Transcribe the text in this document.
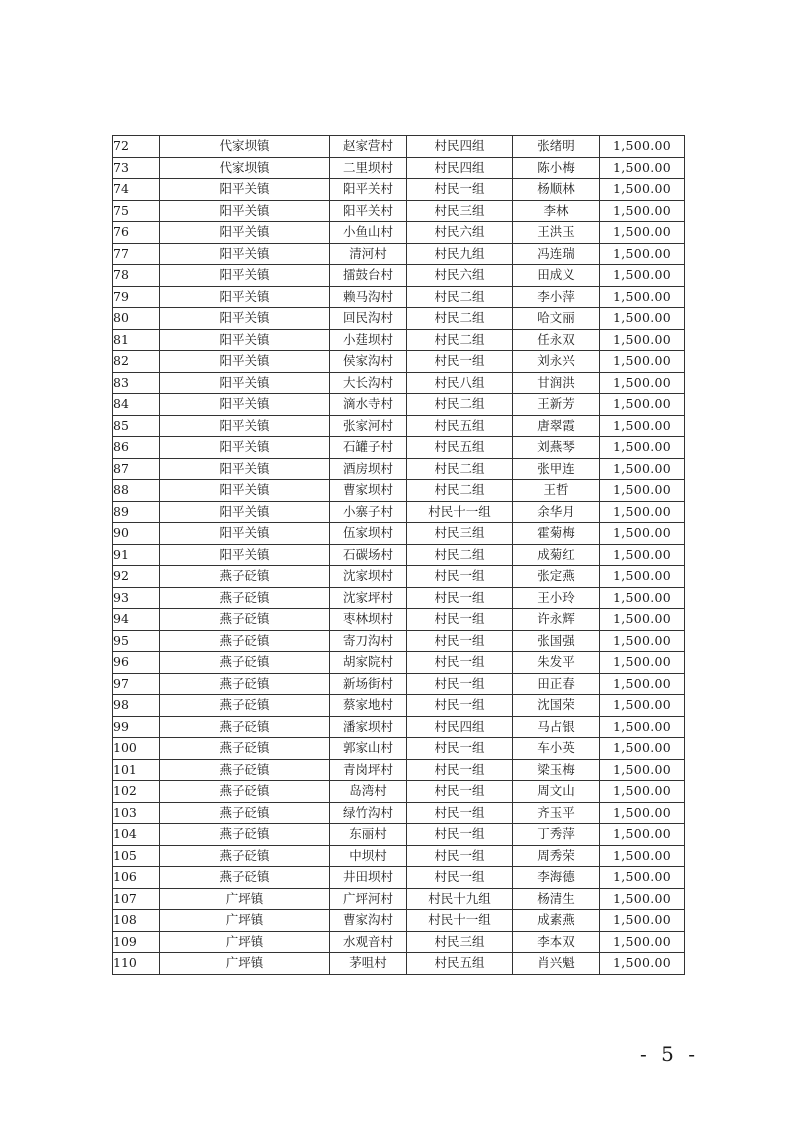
72	代家坝镇	赵家营村	村民四组	张绪明	1,500.00
73	代家坝镇	二里坝村	村民四组	陈小梅	1,500.00
74	阳平关镇	阳平关村	村民一组	杨顺林	1,500.00
75	阳平关镇	阳平关村	村民三组	李林	1,500.00
76	阳平关镇	小鱼山村	村民六组	王洪玉	1,500.00
77	阳平关镇	清河村	村民九组	冯连瑞	1,500.00
78	阳平关镇	擂鼓台村	村民六组	田成义	1,500.00
79	阳平关镇	赖马沟村	村民二组	李小萍	1,500.00
80	阳平关镇	回民沟村	村民二组	哈文丽	1,500.00
81	阳平关镇	小莛坝村	村民二组	任永双	1,500.00
82	阳平关镇	侯家沟村	村民一组	刘永兴	1,500.00
83	阳平关镇	大长沟村	村民八组	甘润洪	1,500.00
84	阳平关镇	滴水寺村	村民二组	王新芳	1,500.00
85	阳平关镇	张家河村	村民五组	唐翠霞	1,500.00
86	阳平关镇	石罐子村	村民五组	刘燕琴	1,500.00
87	阳平关镇	酒房坝村	村民二组	张甲连	1,500.00
88	阳平关镇	曹家坝村	村民二组	王哲	1,500.00
89	阳平关镇	小寨子村	村民十一组	余华月	1,500.00
90	阳平关镇	伍家坝村	村民三组	霍菊梅	1,500.00
91	阳平关镇	石碳场村	村民二组	成菊红	1,500.00
92	燕子砭镇	沈家坝村	村民一组	张定燕	1,500.00
93	燕子砭镇	沈家坪村	村民一组	王小玲	1,500.00
94	燕子砭镇	枣林坝村	村民一组	许永辉	1,500.00
95	燕子砭镇	寄刀沟村	村民一组	张国强	1,500.00
96	燕子砭镇	胡家院村	村民一组	朱发平	1,500.00
97	燕子砭镇	新场街村	村民一组	田正春	1,500.00
98	燕子砭镇	蔡家地村	村民一组	沈国荣	1,500.00
99	燕子砭镇	潘家坝村	村民四组	马占银	1,500.00
100	燕子砭镇	郭家山村	村民一组	车小英	1,500.00
101	燕子砭镇	青岗坪村	村民一组	梁玉梅	1,500.00
102	燕子砭镇	岛湾村	村民一组	周文山	1,500.00
103	燕子砭镇	绿竹沟村	村民一组	齐玉平	1,500.00
104	燕子砭镇	东丽村	村民一组	丁秀萍	1,500.00
105	燕子砭镇	中坝村	村民一组	周秀荣	1,500.00
106	燕子砭镇	井田坝村	村民一组	李海德	1,500.00
107	广坪镇	广坪河村	村民十九组	杨清生	1,500.00
108	广坪镇	曹家沟村	村民十一组	成素燕	1,500.00
109	广坪镇	水观音村	村民三组	李本双	1,500.00
110	广坪镇	茅咀村	村民五组	肖兴魁	1,500.00
- 5 -
